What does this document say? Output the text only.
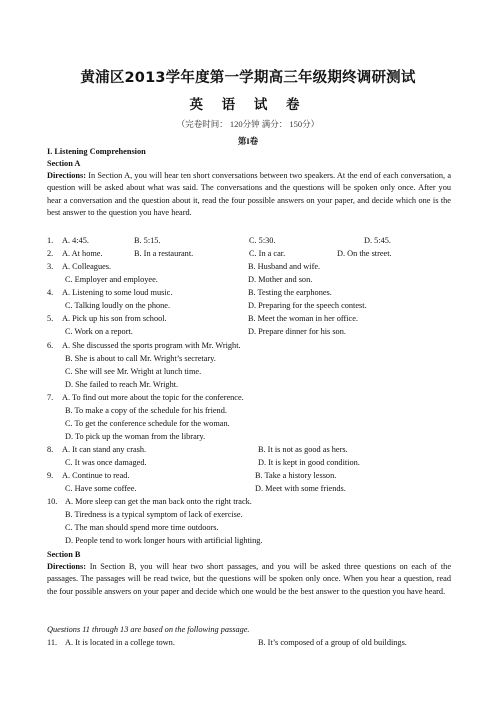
黄浦区2013学年度第一学期高三年级期终调研测试
英 语 试 卷
（完卷时间： 120分钟 满分： 150分）
第I卷
I. Listening Comprehension
Section A
Directions: In Section A, you will hear ten short conversations between two speakers. At the end of each conversation, a question will be asked about what was said. The conversations and the questions will be spoken only once. After you hear a conversation and the question about it, read the four possible answers on your paper, and decide which one is the best answer to the question you have heard.
1. A. 4:45.	B. 5:15.	C. 5:30.	D. 5:45.
2. A. At home.	B. In a restaurant.	C. In a car.	D. On the street.
3. A. Colleagues.	B. Husband and wife.
C. Employer and employee.	D. Mother and son.
4. A. Listening to some loud music.	B. Testing the earphones.
C. Talking loudly on the phone.	D. Preparing for the speech contest.
5. A. Pick up his son from school.	B. Meet the woman in her office.
C. Work on a report.	D. Prepare dinner for his son.
6. A. She discussed the sports program with Mr. Wright.
B. She is about to call Mr. Wright’s secretary.
C. She will see Mr. Wright at lunch time.
D. She failed to reach Mr. Wright.
7. A. To find out more about the topic for the conference.
B. To make a copy of the schedule for his friend.
C. To get the conference schedule for the woman.
D. To pick up the woman from the library.
8. A. It can stand any crash.	B. It is not as good as hers.
C. It was once damaged.	D. It is kept in good condition.
9. A. Continue to read.	B. Take a history lesson.
C. Have some coffee.	D. Meet with some friends.
10. A. More sleep can get the man back onto the right track.
B. Tiredness is a typical symptom of lack of exercise.
C. The man should spend more time outdoors.
D. People tend to work longer hours with artificial lighting.
Section B
Directions: In Section B, you will hear two short passages, and you will be asked three questions on each of the passages. The passages will be read twice, but the questions will be spoken only once. When you hear a question, read the four possible answers on your paper and decide which one would be the best answer to the question you have heard.
Questions 11 through 13 are based on the following passage.
11. A. It is located in a college town.	B. It’s composed of a group of old buildings.
